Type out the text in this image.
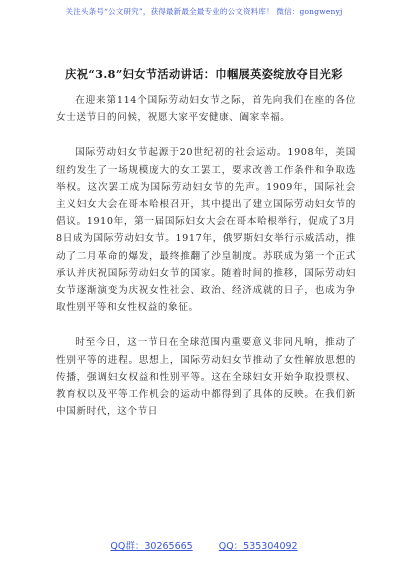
关注头条号“公文研究”，获得最新最全最专业的公文资料库！ 微信：gongwenyj
庆祝“3.8”妇女节活动讲话：巾帼展英姿绽放夺目光彩

在迎来第114个国际劳动妇女节之际，首先向我们在座的各位女士送节日的问候，祝愿大家平安健康、阖家幸福。

国际劳动妇女节起源于20世纪初的社会运动。1908年，美国纽约发生了一场规模庞大的女工罢工，要求改善工作条件和争取选举权。这次罢工成为国际劳动妇女节的先声。1909年，国际社会主义妇女大会在哥本哈根召开，其中提出了建立国际劳动妇女节的倡议。1910年，第一届国际妇女大会在哥本哈根举行，促成了3月8日成为国际劳动妇女节。1917年，俄罗斯妇女举行示威活动，推动了二月革命的爆发，最终推翻了沙皇制度。苏联成为第一个正式承认并庆祝国际劳动妇女节的国家。随着时间的推移，国际劳动妇女节逐渐演变为庆祝女性社会、政治、经济成就的日子，也成为争取性别平等和女性权益的象征。

时至今日，这一节日在全球范围内重要意义非同凡响，推动了性别平等的进程。思想上，国际劳动妇女节推动了女性解放思想的传播，强调妇女权益和性别平等。这在全球妇女开始争取投票权、教育权以及平等工作机会的运动中都得到了具体的反映。在我们新中国新时代，这个节日

QQ群：30265665	QQ：535304092
